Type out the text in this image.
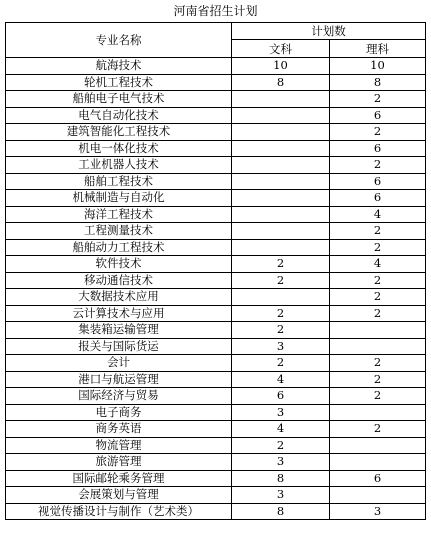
河南省招生计划
专业名称	计划数	
	文科	理科
航海技术	10	10
轮机工程技术	8	8
船舶电子电气技术		2
电气自动化技术		6
建筑智能化工程技术		2
机电一体化技术		6
工业机器人技术		2
船舶工程技术		6
机械制造与自动化		6
海洋工程技术		4
工程测量技术		2
船舶动力工程技术		2
软件技术	2	4
移动通信技术	2	2
大数据技术应用		2
云计算技术与应用	2	2
集装箱运输管理	2	
报关与国际货运	3	
会计	2	2
港口与航运管理	4	2
国际经济与贸易	6	2
电子商务	3	
商务英语	4	2
物流管理	2	
旅游管理	3	
国际邮轮乘务管理	8	6
会展策划与管理	3	
视觉传播设计与制作（艺术类）	8	3
